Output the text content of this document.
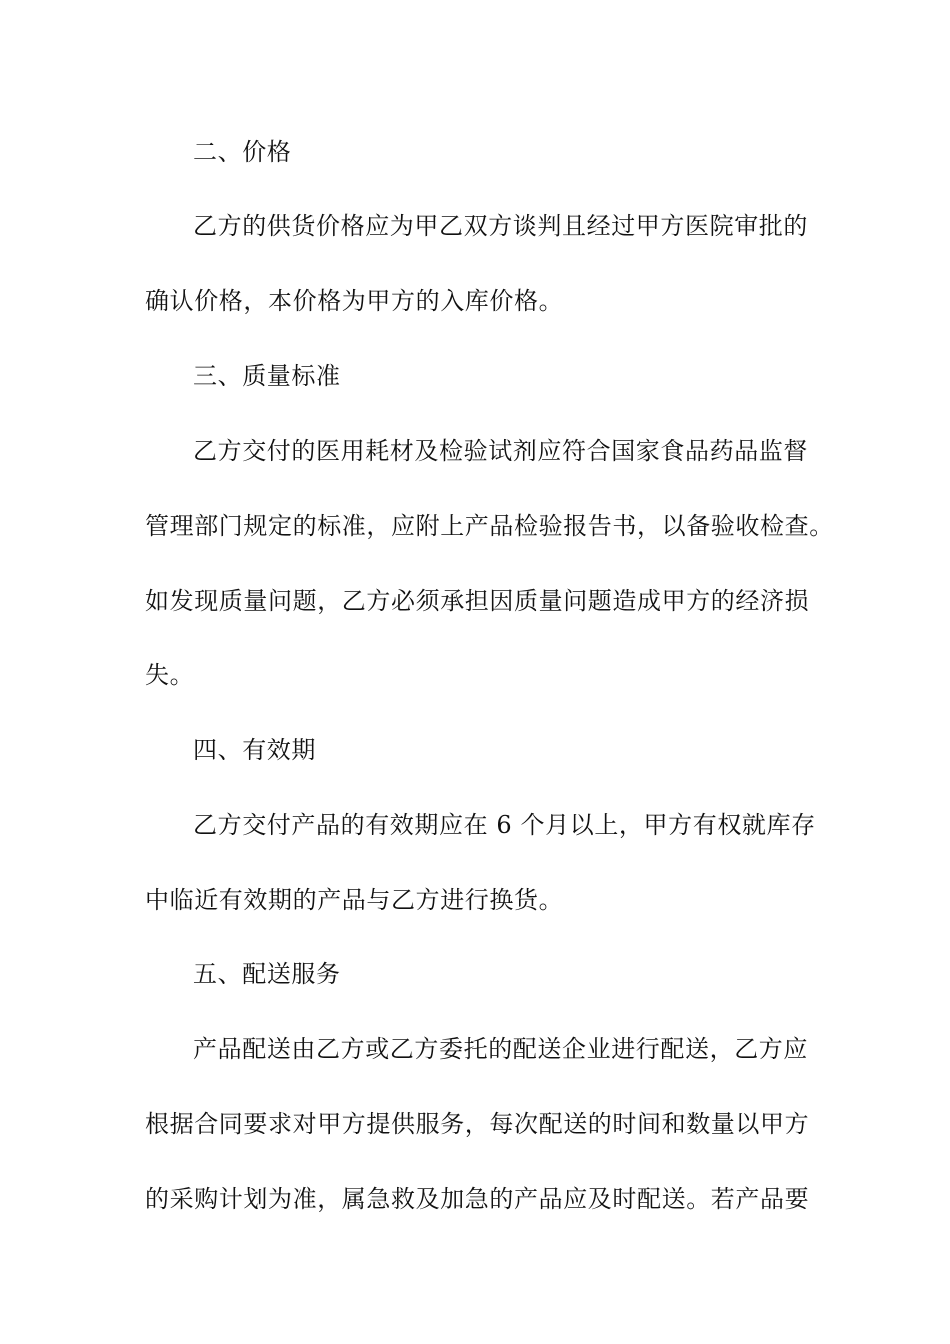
二、价格
乙方的供货价格应为甲乙双方谈判且经过甲方医院审批的
确认价格，本价格为甲方的入库价格。
三、质量标准
乙方交付的医用耗材及检验试剂应符合国家食品药品监督
管理部门规定的标准，应附上产品检验报告书，以备验收检查。
如发现质量问题，乙方必须承担因质量问题造成甲方的经济损
失。
四、有效期
乙方交付产品的有效期应在 6 个月以上，甲方有权就库存
中临近有效期的产品与乙方进行换货。
五、配送服务
产品配送由乙方或乙方委托的配送企业进行配送，乙方应
根据合同要求对甲方提供服务，每次配送的时间和数量以甲方
的采购计划为准，属急救及加急的产品应及时配送。若产品要
